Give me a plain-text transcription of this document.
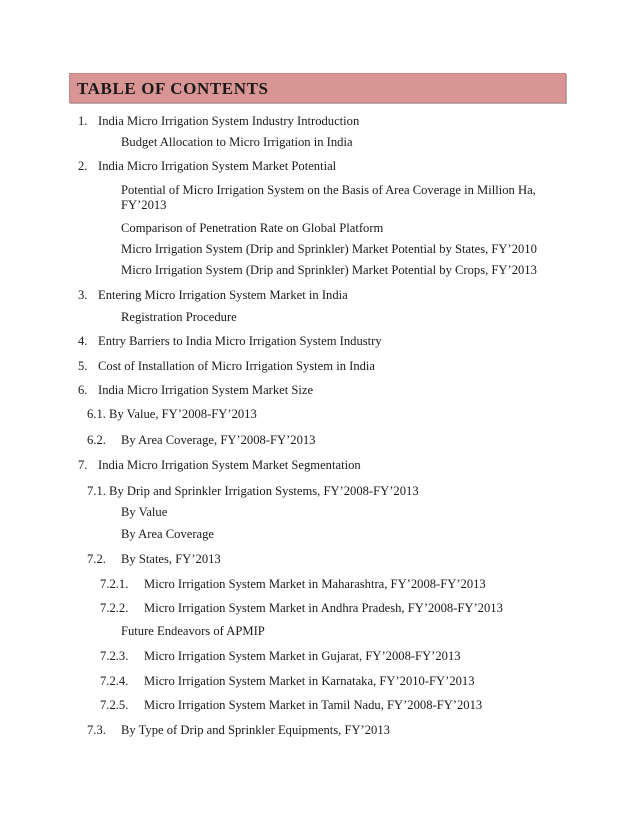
TABLE OF CONTENTS
1. India Micro Irrigation System Industry Introduction
Budget Allocation to Micro Irrigation in India
2. India Micro Irrigation System Market Potential
Potential of Micro Irrigation System on the Basis of Area Coverage in Million Ha,
FY’2013
Comparison of Penetration Rate on Global Platform
Micro Irrigation System (Drip and Sprinkler) Market Potential by States, FY’2010
Micro Irrigation System (Drip and Sprinkler) Market Potential by Crops, FY’2013
3. Entering Micro Irrigation System Market in India
Registration Procedure
4. Entry Barriers to India Micro Irrigation System Industry
5. Cost of Installation of Micro Irrigation System in India
6. India Micro Irrigation System Market Size
6.1. By Value, FY’2008-FY’2013
6.2. By Area Coverage, FY’2008-FY’2013
7. India Micro Irrigation System Market Segmentation
7.1. By Drip and Sprinkler Irrigation Systems, FY’2008-FY’2013
By Value
By Area Coverage
7.2. By States, FY’2013
7.2.1. Micro Irrigation System Market in Maharashtra, FY’2008-FY’2013
7.2.2. Micro Irrigation System Market in Andhra Pradesh, FY’2008-FY’2013
Future Endeavors of APMIP
7.2.3. Micro Irrigation System Market in Gujarat, FY’2008-FY’2013
7.2.4. Micro Irrigation System Market in Karnataka, FY’2010-FY’2013
7.2.5. Micro Irrigation System Market in Tamil Nadu, FY’2008-FY’2013
7.3. By Type of Drip and Sprinkler Equipments, FY’2013
